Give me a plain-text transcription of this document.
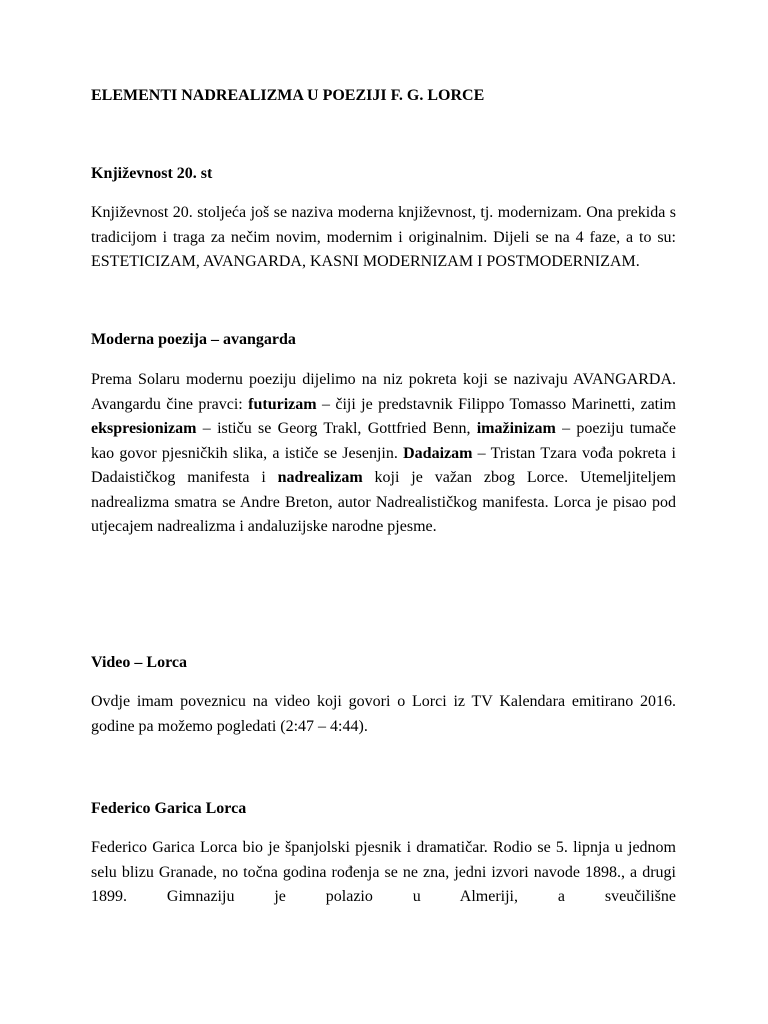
ELEMENTI NADREALIZMA U POEZIJI F. G. LORCE
Književnost 20. st

Književnost 20. stoljeća još se naziva moderna književnost, tj. modernizam. Ona prekida s tradicijom i traga za nečim novim, modernim i originalnim. Dijeli se na 4 faze, a to su: ESTETICIZAM, AVANGARDA, KASNI MODERNIZAM I POSTMODERNIZAM.

Moderna poezija – avangarda

Prema Solaru modernu poeziju dijelimo na niz pokreta koji se nazivaju AVANGARDA. Avangardu čine pravci: futurizam – čiji je predstavnik Filippo Tomasso Marinetti, zatim ekspresionizam – ističu se Georg Trakl, Gottfried Benn, imažinizam – poeziju tumače kao govor pjesničkih slika, a ističe se Jesenjin. Dadaizam – Tristan Tzara vođa pokreta i Dadaističkog manifesta i nadrealizam koji je važan zbog Lorce. Utemeljiteljem nadrealizma smatra se Andre Breton, autor Nadrealističkog manifesta. Lorca je pisao pod utjecajem nadrealizma i andaluzijske narodne pjesme.

Video – Lorca

Ovdje imam poveznicu na video koji govori o Lorci iz TV Kalendara emitirano 2016. godine pa možemo pogledati (2:47 – 4:44).

Federico Garica Lorca

Federico Garica Lorca bio je španjolski pjesnik i dramatičar. Rodio se 5. lipnja u jednom selu blizu Granade, no točna godina rođenja se ne zna, jedni izvori navode 1898., a drugi 1899. Gimnaziju je polazio u Almeriji, a sveučilišne
